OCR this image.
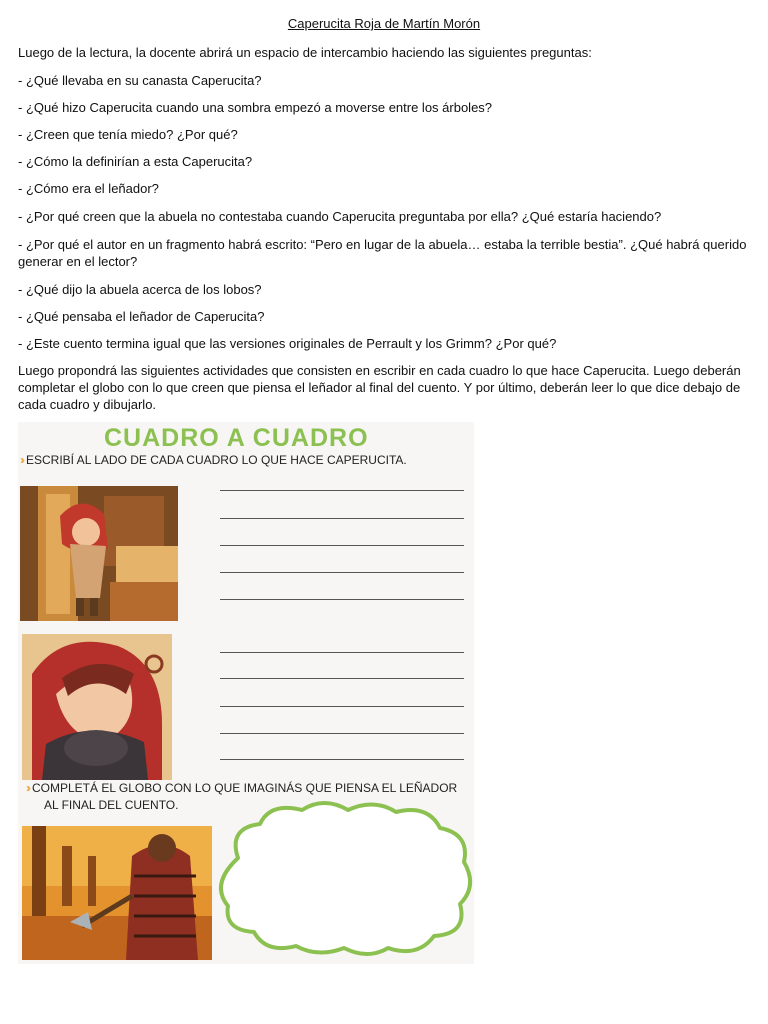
Caperucita Roja de Martín Morón

Luego de la lectura, la docente abrirá un espacio de intercambio haciendo las siguientes preguntas:

- ¿Qué llevaba en su canasta Caperucita?

- ¿Qué hizo Caperucita cuando una sombra empezó a moverse entre los árboles?

- ¿Creen que tenía miedo? ¿Por qué?

- ¿Cómo la definirían a esta Caperucita?

- ¿Cómo era el leñador?

- ¿Por qué creen que la abuela no contestaba cuando Caperucita preguntaba por ella? ¿Qué estaría haciendo?

- ¿Por qué el autor en un fragmento habrá escrito: “Pero en lugar de la abuela… estaba la terrible bestia”. ¿Qué habrá querido generar en el lector?

- ¿Qué dijo la abuela acerca de los lobos?

- ¿Qué pensaba el leñador de Caperucita?

- ¿Este cuento termina igual que las versiones originales de Perrault y los Grimm? ¿Por qué?

Luego propondrá las siguientes actividades que consisten en escribir en cada cuadro lo que hace Caperucita. Luego deberán completar el globo con lo que creen que piensa el leñador al final del cuento. Y por último, deberán leer lo que dice debajo de cada cuadro y dibujarlo.

CUADRO A CUADRO
›› ESCRIBÍ AL LADO DE CADA CUADRO LO QUE HACE CAPERUCITA.
›› COMPLETÁ EL GLOBO CON LO QUE IMAGINÁS QUE PIENSA EL LEÑADOR
AL FINAL DEL CUENTO.
